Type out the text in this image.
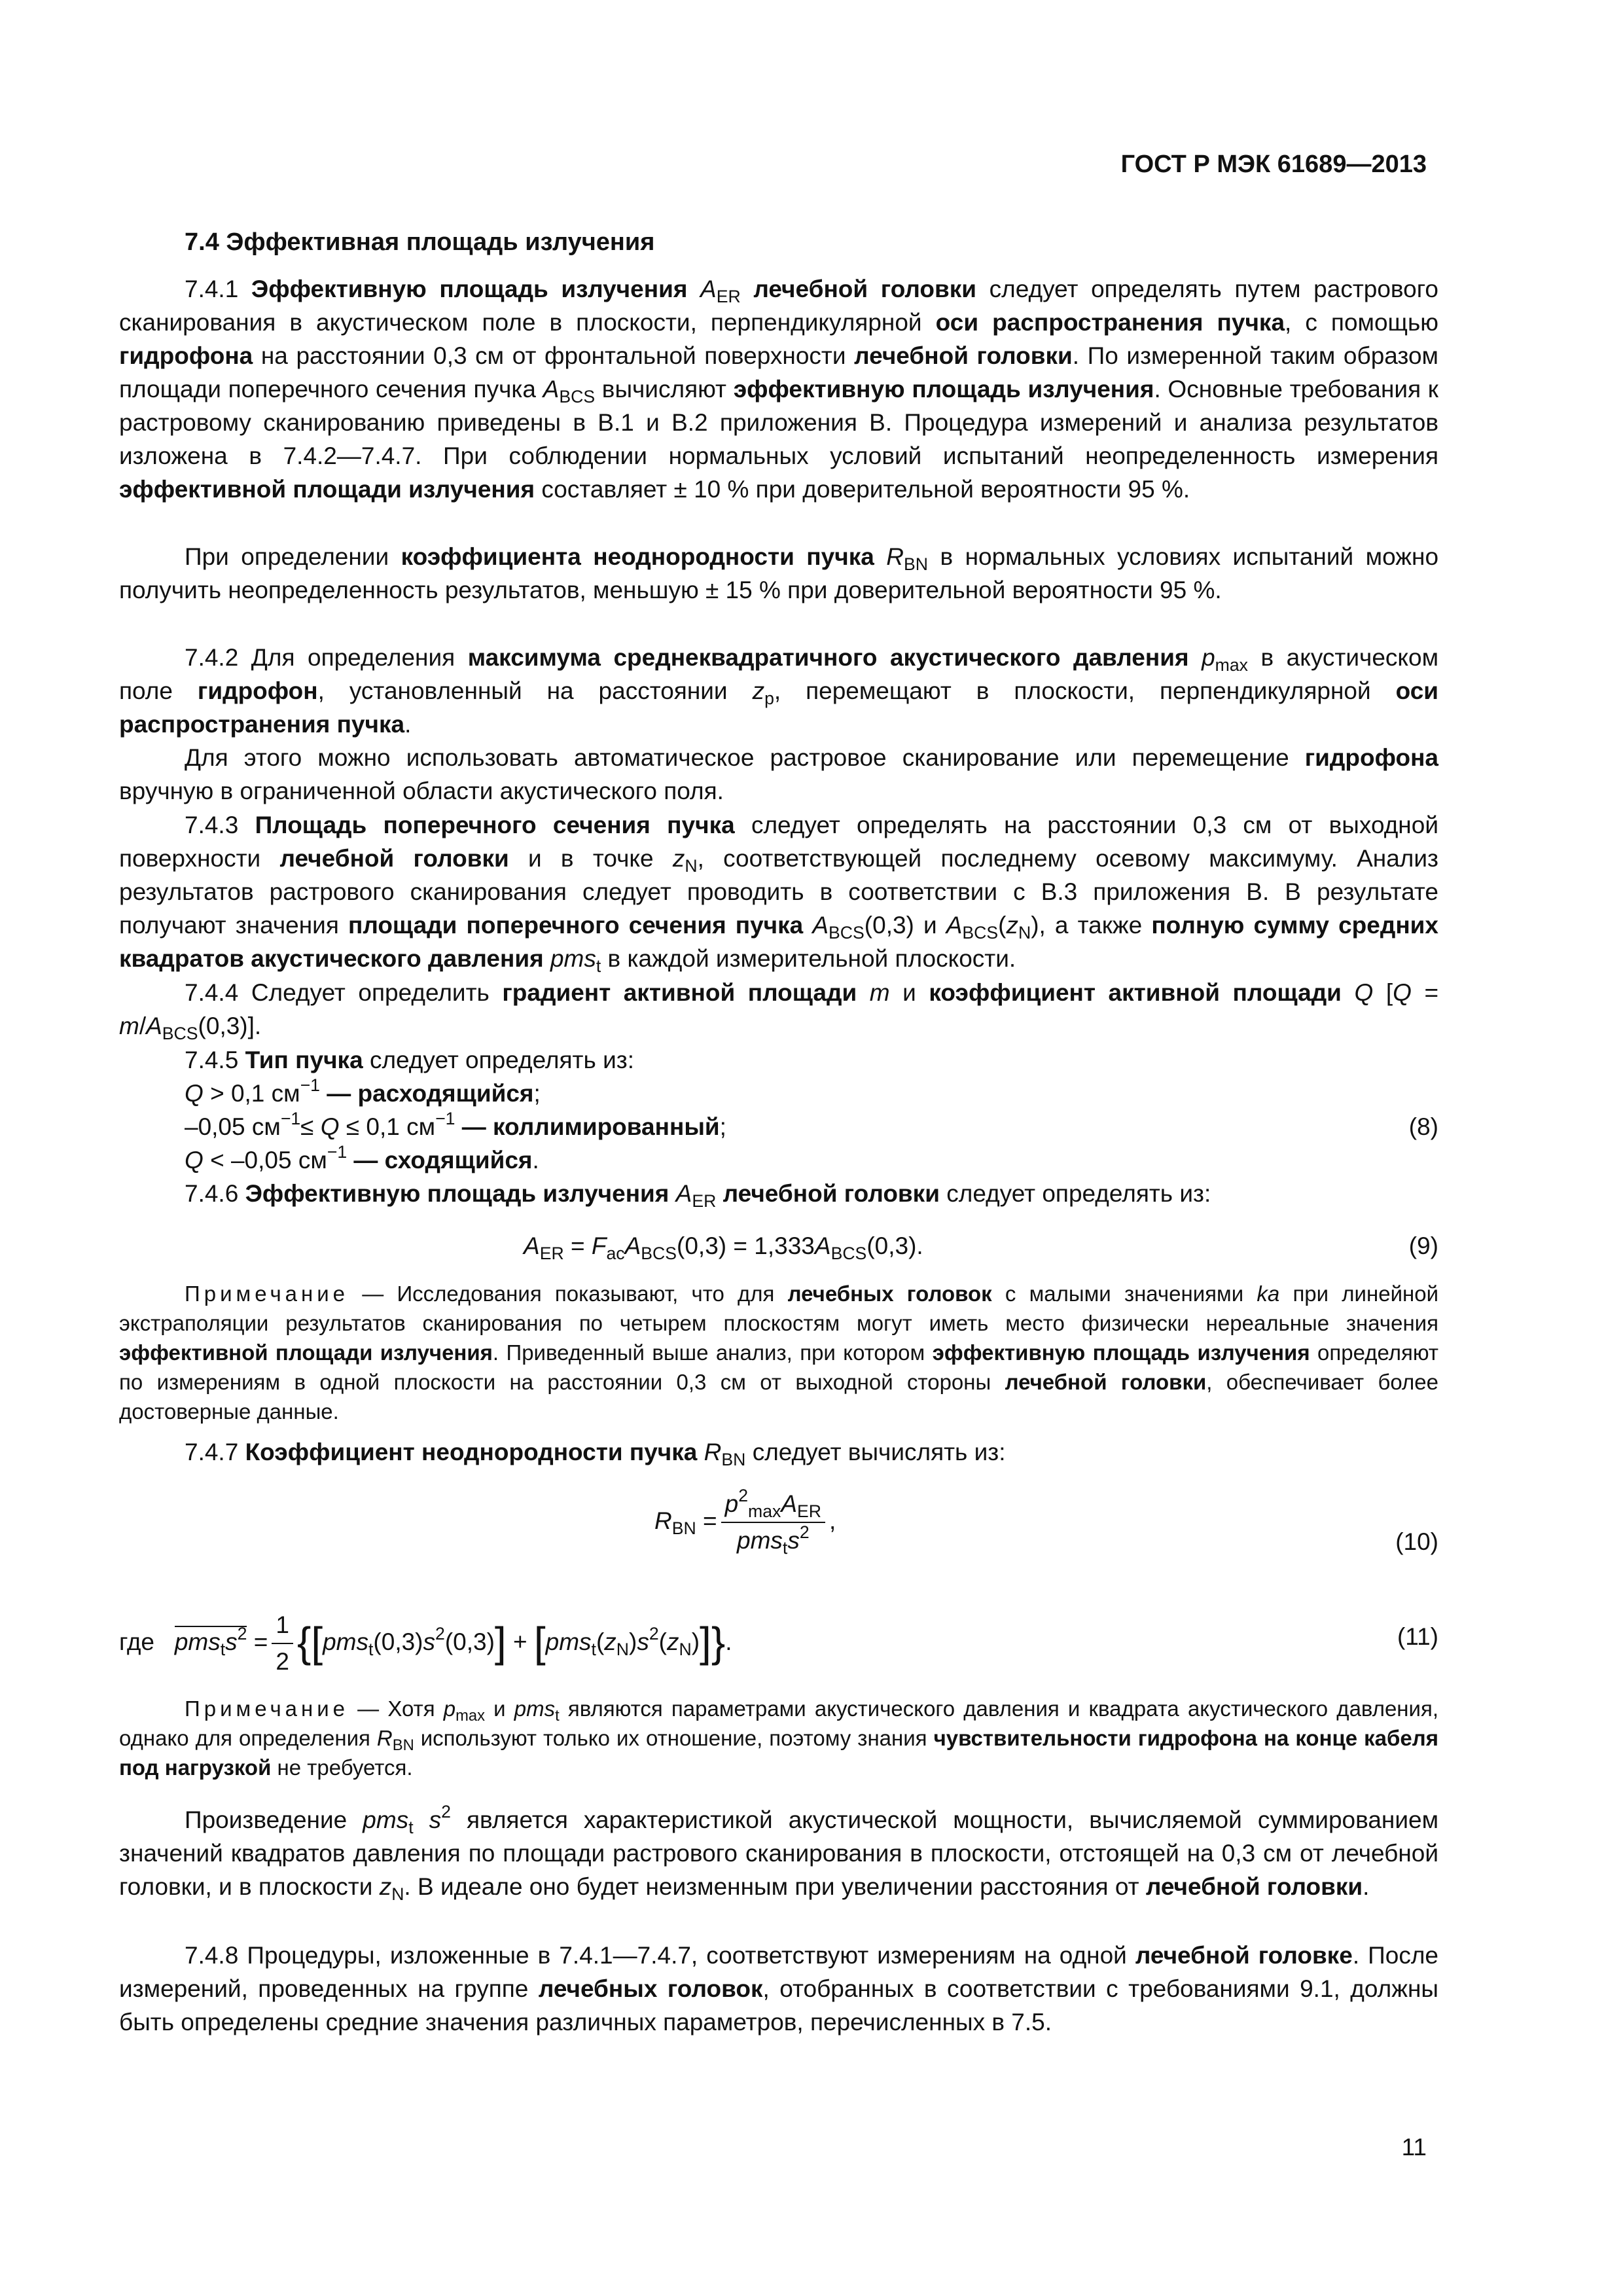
ГОСТ Р МЭК 61689—2013
7.4 Эффективная площадь излучения

7.4.1 Эффективную площадь излучения $A_{ER}$ лечебной головки следует определять путем растрового сканирования в акустическом поле в плоскости, перпендикулярной оси распространения пучка, с помощью гидрофона на расстоянии 0,3 см от фронтальной поверхности лечебной головки. По измеренной таким образом площади поперечного сечения пучка $A_{BCS}$ вычисляют эффективную площадь излучения. Основные требования к растровому сканированию приведены в В.1 и В.2 приложения В. Процедура измерений и анализа результатов изложена в 7.4.2—7.4.7. При соблюдении нормальных условий испытаний неопределенность измерения эффективной площади излучения составляет ± 10 % при доверительной вероятности 95 %.

При определении коэффициента неоднородности пучка $R_{BN}$ в нормальных условиях испытаний можно получить неопределенность результатов, меньшую ± 15 % при доверительной вероятности 95 %.

7.4.2 Для определения максимума среднеквадратичного акустического давления $p_{max}$ в акустическом поле гидрофон, установленный на расстоянии $z_p$, перемещают в плоскости, перпендикулярной оси распространения пучка.

Для этого можно использовать автоматическое растровое сканирование или перемещение гидрофона вручную в ограниченной области акустического поля.

7.4.3 Площадь поперечного сечения пучка следует определять на расстоянии 0,3 см от выходной поверхности лечебной головки и в точке $z_N$, соответствующей последнему осевому максимуму. Анализ результатов растрового сканирования следует проводить в соответствии с В.3 приложения В. В результате получают значения площади поперечного сечения пучка $A_{BCS}(0,3)$ и $A_{BCS}(z_N)$, а также полную сумму средних квадратов акустического давления pms$_t$ в каждой измерительной плоскости.

7.4.4 Следует определить градиент активной площади m и коэффициент активной площади Q $[Q = m/A_{BCS}(0,3)]$.

7.4.5 Тип пучка следует определять из:
Q > 0,1 $см^{-1}$ — расходящийся;
–0,05 $см^{-1}\le Q \le 0,1$ $см^{-1}$ — коллимированный;	(8)
Q < –0,05 $см^{-1}$ — сходящийся.
7.4.6 Эффективную площадь излучения $A_{ER}$ лечебной головки следует определять из:
$A_{ER} = F_{ac}A_{BCS}(0,3) = 1,333A_{BCS}(0,3)$.	(9)

Примечание — Исследования показывают, что для лечебных головок с малыми значениями ka при линейной экстраполяции результатов сканирования по четырем плоскостям могут иметь место физически нереальные значения эффективной площади излучения. Приведенный выше анализ, при котором эффективную площадь излучения определяют по измерениям в одной плоскости на расстоянии 0,3 см от выходной стороны лечебной головки, обеспечивает более достоверные данные.

7.4.7 Коэффициент неоднородности пучка $R_{BN}$ следует вычислять из:
$R_{BN} = \frac{p^2_{max}A_{ER}}{pms_ts^2}$ ,
(10)
где $pms_ts^2 = \frac{1}{2} \{[pms_t(0,3)s^2(0,3)] + [pms_t(z_N)s^2(z_N)]\}$.	(11)

Примечание — Хотя $p_{max}$ и pms$_t$ являются параметрами акустического давления и квадрата акустического давления, однако для определения $R_{BN}$ используют только их отношение, поэтому знания чувствительности гидрофона на конце кабеля под нагрузкой не требуется.

Произведение pms$_t$ $s^2$ является характеристикой акустической мощности, вычисляемой суммированием значений квадратов давления по площади растрового сканирования в плоскости, отстоящей на 0,3 см от лечебной головки, и в плоскости $z_N$. В идеале оно будет неизменным при увеличении расстояния от лечебной головки.

7.4.8 Процедуры, изложенные в 7.4.1—7.4.7, соответствуют измерениям на одной лечебной головке. После измерений, проведенных на группе лечебных головок, отобранных в соответствии с требованиями 9.1, должны быть определены средние значения различных параметров, перечисленных в 7.5.

11
